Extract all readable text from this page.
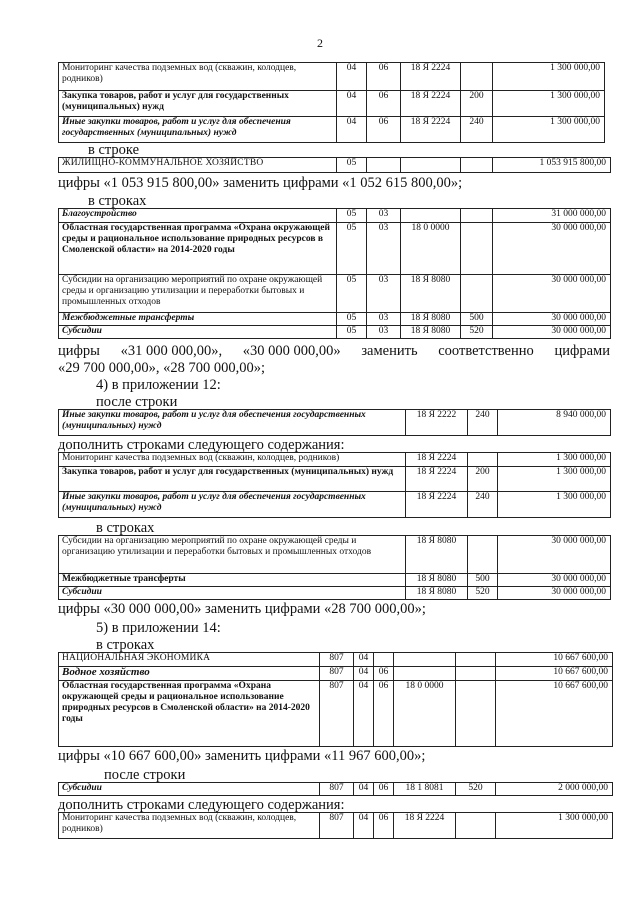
2
Мониторинг качества подземных вод (скважин, колодцев, родников)	04	06	18 Я 2224		1 300 000,00
Закупка товаров, работ и услуг для государственных (муниципальных) нужд	04	06	18 Я 2224	200	1 300 000,00
Иные закупки товаров, работ и услуг для обеспечения государственных (муниципальных) нужд	04	06	18 Я 2224	240	1 300 000,00
в строке
ЖИЛИЩНО-КОММУНАЛЬНОЕ ХОЗЯЙСТВО	05				1 053 915 800,00
цифры «1 053 915 800,00» заменить цифрами «1 052 615 800,00»;
в строках
Благоустройство	05	03			31 000 000,00
Областная государственная программа «Охрана окружающей среды и рациональное использование природных ресурсов в Смоленской области» на 2014-2020 годы	05	03	18 0 0000		30 000 000,00
Субсидии на организацию мероприятий по охране окружающей среды и организацию утилизации и переработки бытовых и промышленных отходов	05	03	18 Я 8080		30 000 000,00
Межбюджетные трансферты	05	03	18 Я 8080	500	30 000 000,00
Субсидии	05	03	18 Я 8080	520	30 000 000,00
цифры «31 000 000,00», «30 000 000,00» заменить соответственно цифрами
«29 700 000,00», «28 700 000,00»;
4) в приложении 12:
после строки
Иные закупки товаров, работ и услуг для обеспечения государственных (муниципальных) нужд	18 Я 2222	240	8 940 000,00
дополнить строками следующего содержания:
Мониторинг качества подземных вод (скважин, колодцев, родников)	18 Я 2224		1 300 000,00
Закупка товаров, работ и услуг для государственных (муниципальных) нужд	18 Я 2224	200	1 300 000,00
Иные закупки товаров, работ и услуг для обеспечения государственных (муниципальных) нужд	18 Я 2224	240	1 300 000,00
в строках
Субсидии на организацию мероприятий по охране окружающей среды и организацию утилизации и переработки бытовых и промышленных отходов	18 Я 8080		30 000 000,00
Межбюджетные трансферты	18 Я 8080	500	30 000 000,00
Субсидии	18 Я 8080	520	30 000 000,00
цифры «30 000 000,00» заменить цифрами «28 700 000,00»;
5) в приложении 14:
в строках
НАЦИОНАЛЬНАЯ ЭКОНОМИКА	807	04				10 667 600,00
Водное хозяйство	807	04	06			10 667 600,00
Областная государственная программа «Охрана окружающей среды и рациональное использование природных ресурсов в Смоленской области» на 2014-2020 годы	807	04	06	18 0 0000		10 667 600,00
цифры «10 667 600,00» заменить цифрами «11 967 600,00»;
после строки
Субсидии	807	04	06	18 1 8081	520	2 000 000,00
дополнить строками следующего содержания:
Мониторинг качества подземных вод (скважин, колодцев, родников)	807	04	06	18 Я 2224		1 300 000,00
